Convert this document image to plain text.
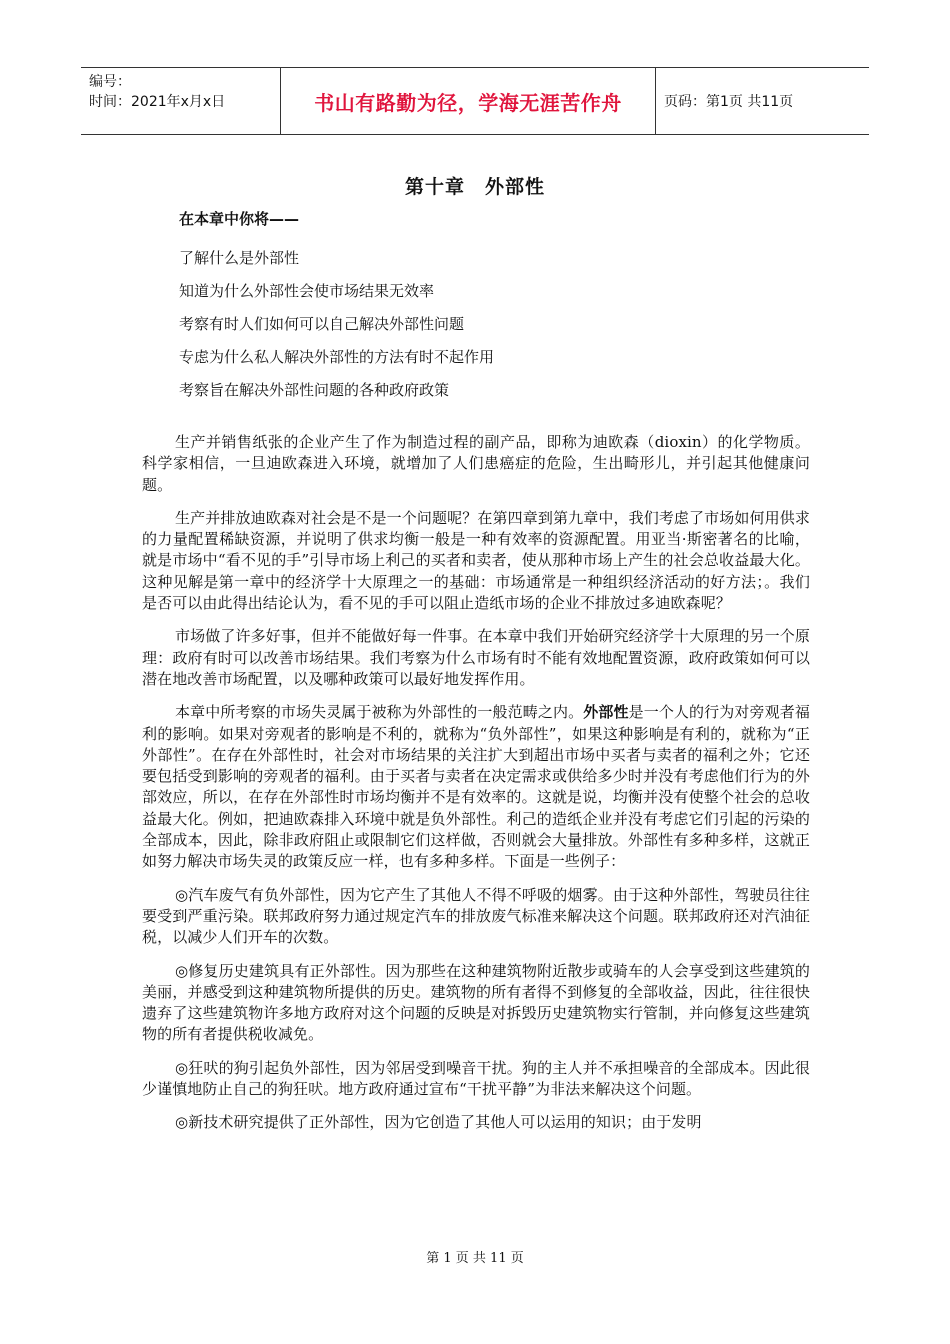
编号：
时间：2021年x月x日	书山有路勤为径，学海无涯苦作舟	页码：第1页 共11页
第十章　外部性

在本章中你将——

了解什么是外部性

知道为什么外部性会使市场结果无效率

考察有时人们如何可以自己解决外部性问题

专虑为什么私人解决外部性的方法有时不起作用

考察旨在解决外部性问题的各种政府政策

生产并销售纸张的企业产生了作为制造过程的副产品，即称为迪欧森（dioxin）的化学物质。科学家相信，一旦迪欧森进入环境，就增加了人们患癌症的危险，生出畸形儿，并引起其他健康问题。

生产并排放迪欧森对社会是不是一个问题呢？在第四章到第九章中，我们考虑了市场如何用供求的力量配置稀缺资源，并说明了供求均衡一般是一种有效率的资源配置。用亚当·斯密著名的比喻，就是市场中“看不见的手”引导市场上利己的买者和卖者，使从那种市场上产生的社会总收益最大化。这种见解是第一章中的经济学十大原理之一的基础：市场通常是一种组织经济活动的好方法；。我们是否可以由此得出结论认为，看不见的手可以阻止造纸市场的企业不排放过多迪欧森呢？

市场做了许多好事，但并不能做好每一件事。在本章中我们开始研究经济学十大原理的另一个原理：政府有时可以改善市场结果。我们考察为什么市场有时不能有效地配置资源，政府政策如何可以潜在地改善市场配置，以及哪种政策可以最好地发挥作用。

本章中所考察的市场失灵属于被称为外部性的一般范畴之内。外部性是一个人的行为对旁观者福利的影响。如果对旁观者的影响是不利的，就称为“负外部性”，如果这种影响是有利的，就称为“正外部性”。在存在外部性时，社会对市场结果的关注扩大到超出市场中买者与卖者的福利之外；它还要包括受到影响的旁观者的福利。由于买者与卖者在决定需求或供给多少时并没有考虑他们行为的外部效应，所以，在存在外部性时市场均衡并不是有效率的。这就是说，均衡并没有使整个社会的总收益最大化。例如，把迪欧森排入环境中就是负外部性。利己的造纸企业并没有考虑它们引起的污染的全部成本，因此，除非政府阻止或限制它们这样做，否则就会大量排放。外部性有多种多样，这就正如努力解决市场失灵的政策反应一样，也有多种多样。下面是一些例子：

◎汽车废气有负外部性，因为它产生了其他人不得不呼吸的烟雾。由于这种外部性，驾驶员往往要受到严重污染。联邦政府努力通过规定汽车的排放废气标准来解决这个问题。联邦政府还对汽油征税，以减少人们开车的次数。

◎修复历史建筑具有正外部性。因为那些在这种建筑物附近散步或骑车的人会享受到这些建筑的美丽，并感受到这种建筑物所提供的历史。建筑物的所有者得不到修复的全部收益，因此，往往很快遗弃了这些建筑物许多地方政府对这个问题的反映是对拆毁历史建筑物实行管制，并向修复这些建筑物的所有者提供税收减免。

◎狂吠的狗引起负外部性，因为邻居受到噪音干扰。狗的主人并不承担噪音的全部成本。因此很少谨慎地防止自己的狗狂吠。地方政府通过宣布“干扰平静”为非法来解决这个问题。

◎新技术研究提供了正外部性，因为它创造了其他人可以运用的知识；由于发明

第 1 页 共 11 页
